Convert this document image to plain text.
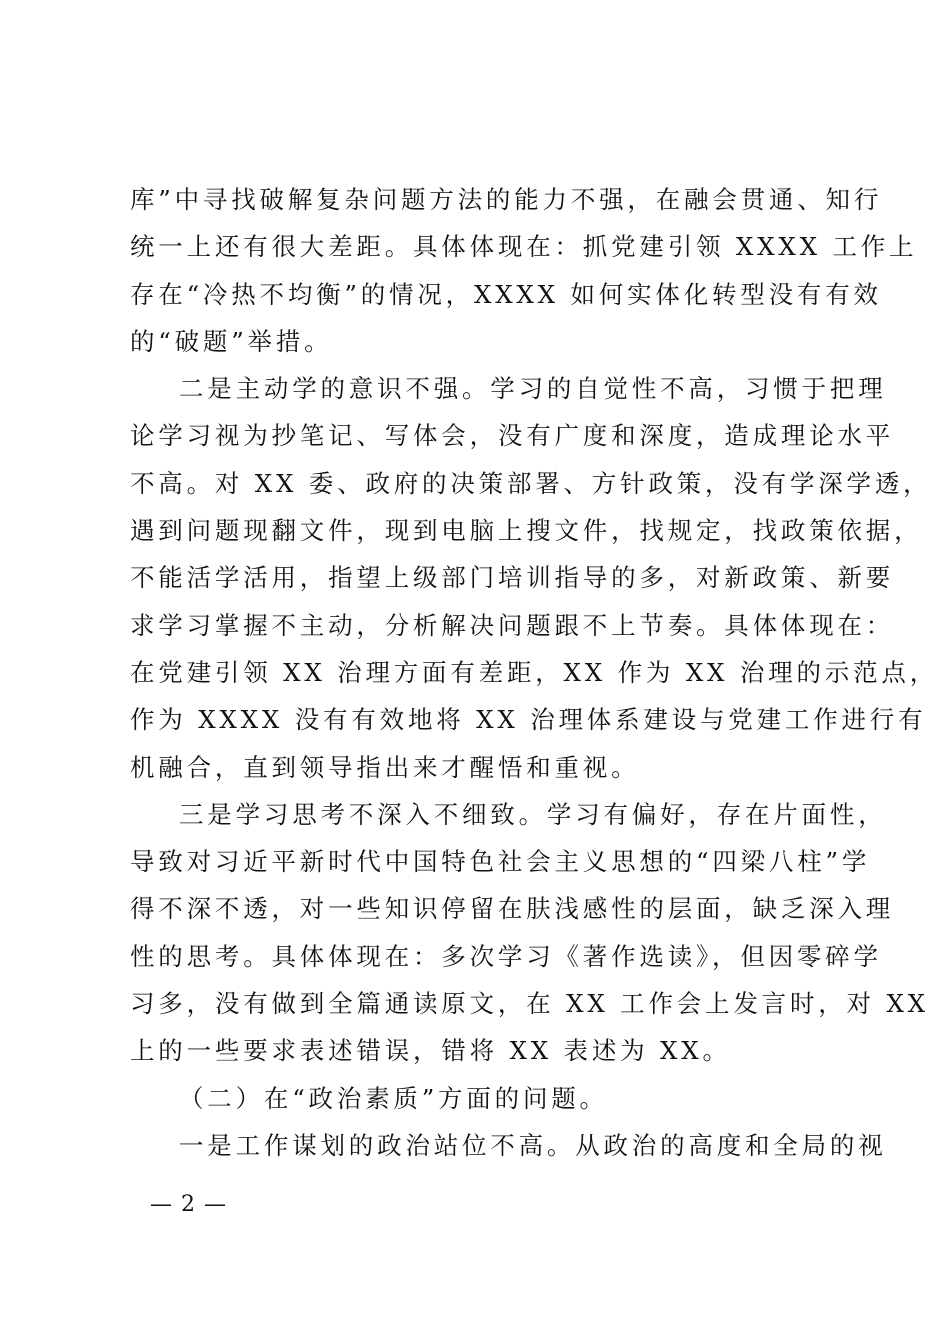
库”中寻找破解复杂问题方法的能力不强，在融会贯通、知行
统一上还有很大差距。具体体现在：抓党建引领 XXXX 工作上
存在“冷热不均衡”的情况，XXXX 如何实体化转型没有有效
的“破题”举措。
二是主动学的意识不强。学习的自觉性不高，习惯于把理
论学习视为抄笔记、写体会，没有广度和深度，造成理论水平
不高。对 XX 委、政府的决策部署、方针政策，没有学深学透，
遇到问题现翻文件，现到电脑上搜文件，找规定，找政策依据，
不能活学活用，指望上级部门培训指导的多，对新政策、新要
求学习掌握不主动，分析解决问题跟不上节奏。具体体现在：
在党建引领 XX 治理方面有差距，XX 作为 XX 治理的示范点，
作为 XXXX 没有有效地将 XX 治理体系建设与党建工作进行有
机融合，直到领导指出来才醒悟和重视。
三是学习思考不深入不细致。学习有偏好，存在片面性，
导致对习近平新时代中国特色社会主义思想的“四梁八柱”学
得不深不透，对一些知识停留在肤浅感性的层面，缺乏深入理
性的思考。具体体现在：多次学习《著作选读》，但因零碎学
习多，没有做到全篇通读原文，在 XX 工作会上发言时，对 XX
上的一些要求表述错误，错将 XX 表述为 XX。
（二）在“政治素质”方面的问题。
一是工作谋划的政治站位不高。从政治的高度和全局的视
— 2 —
